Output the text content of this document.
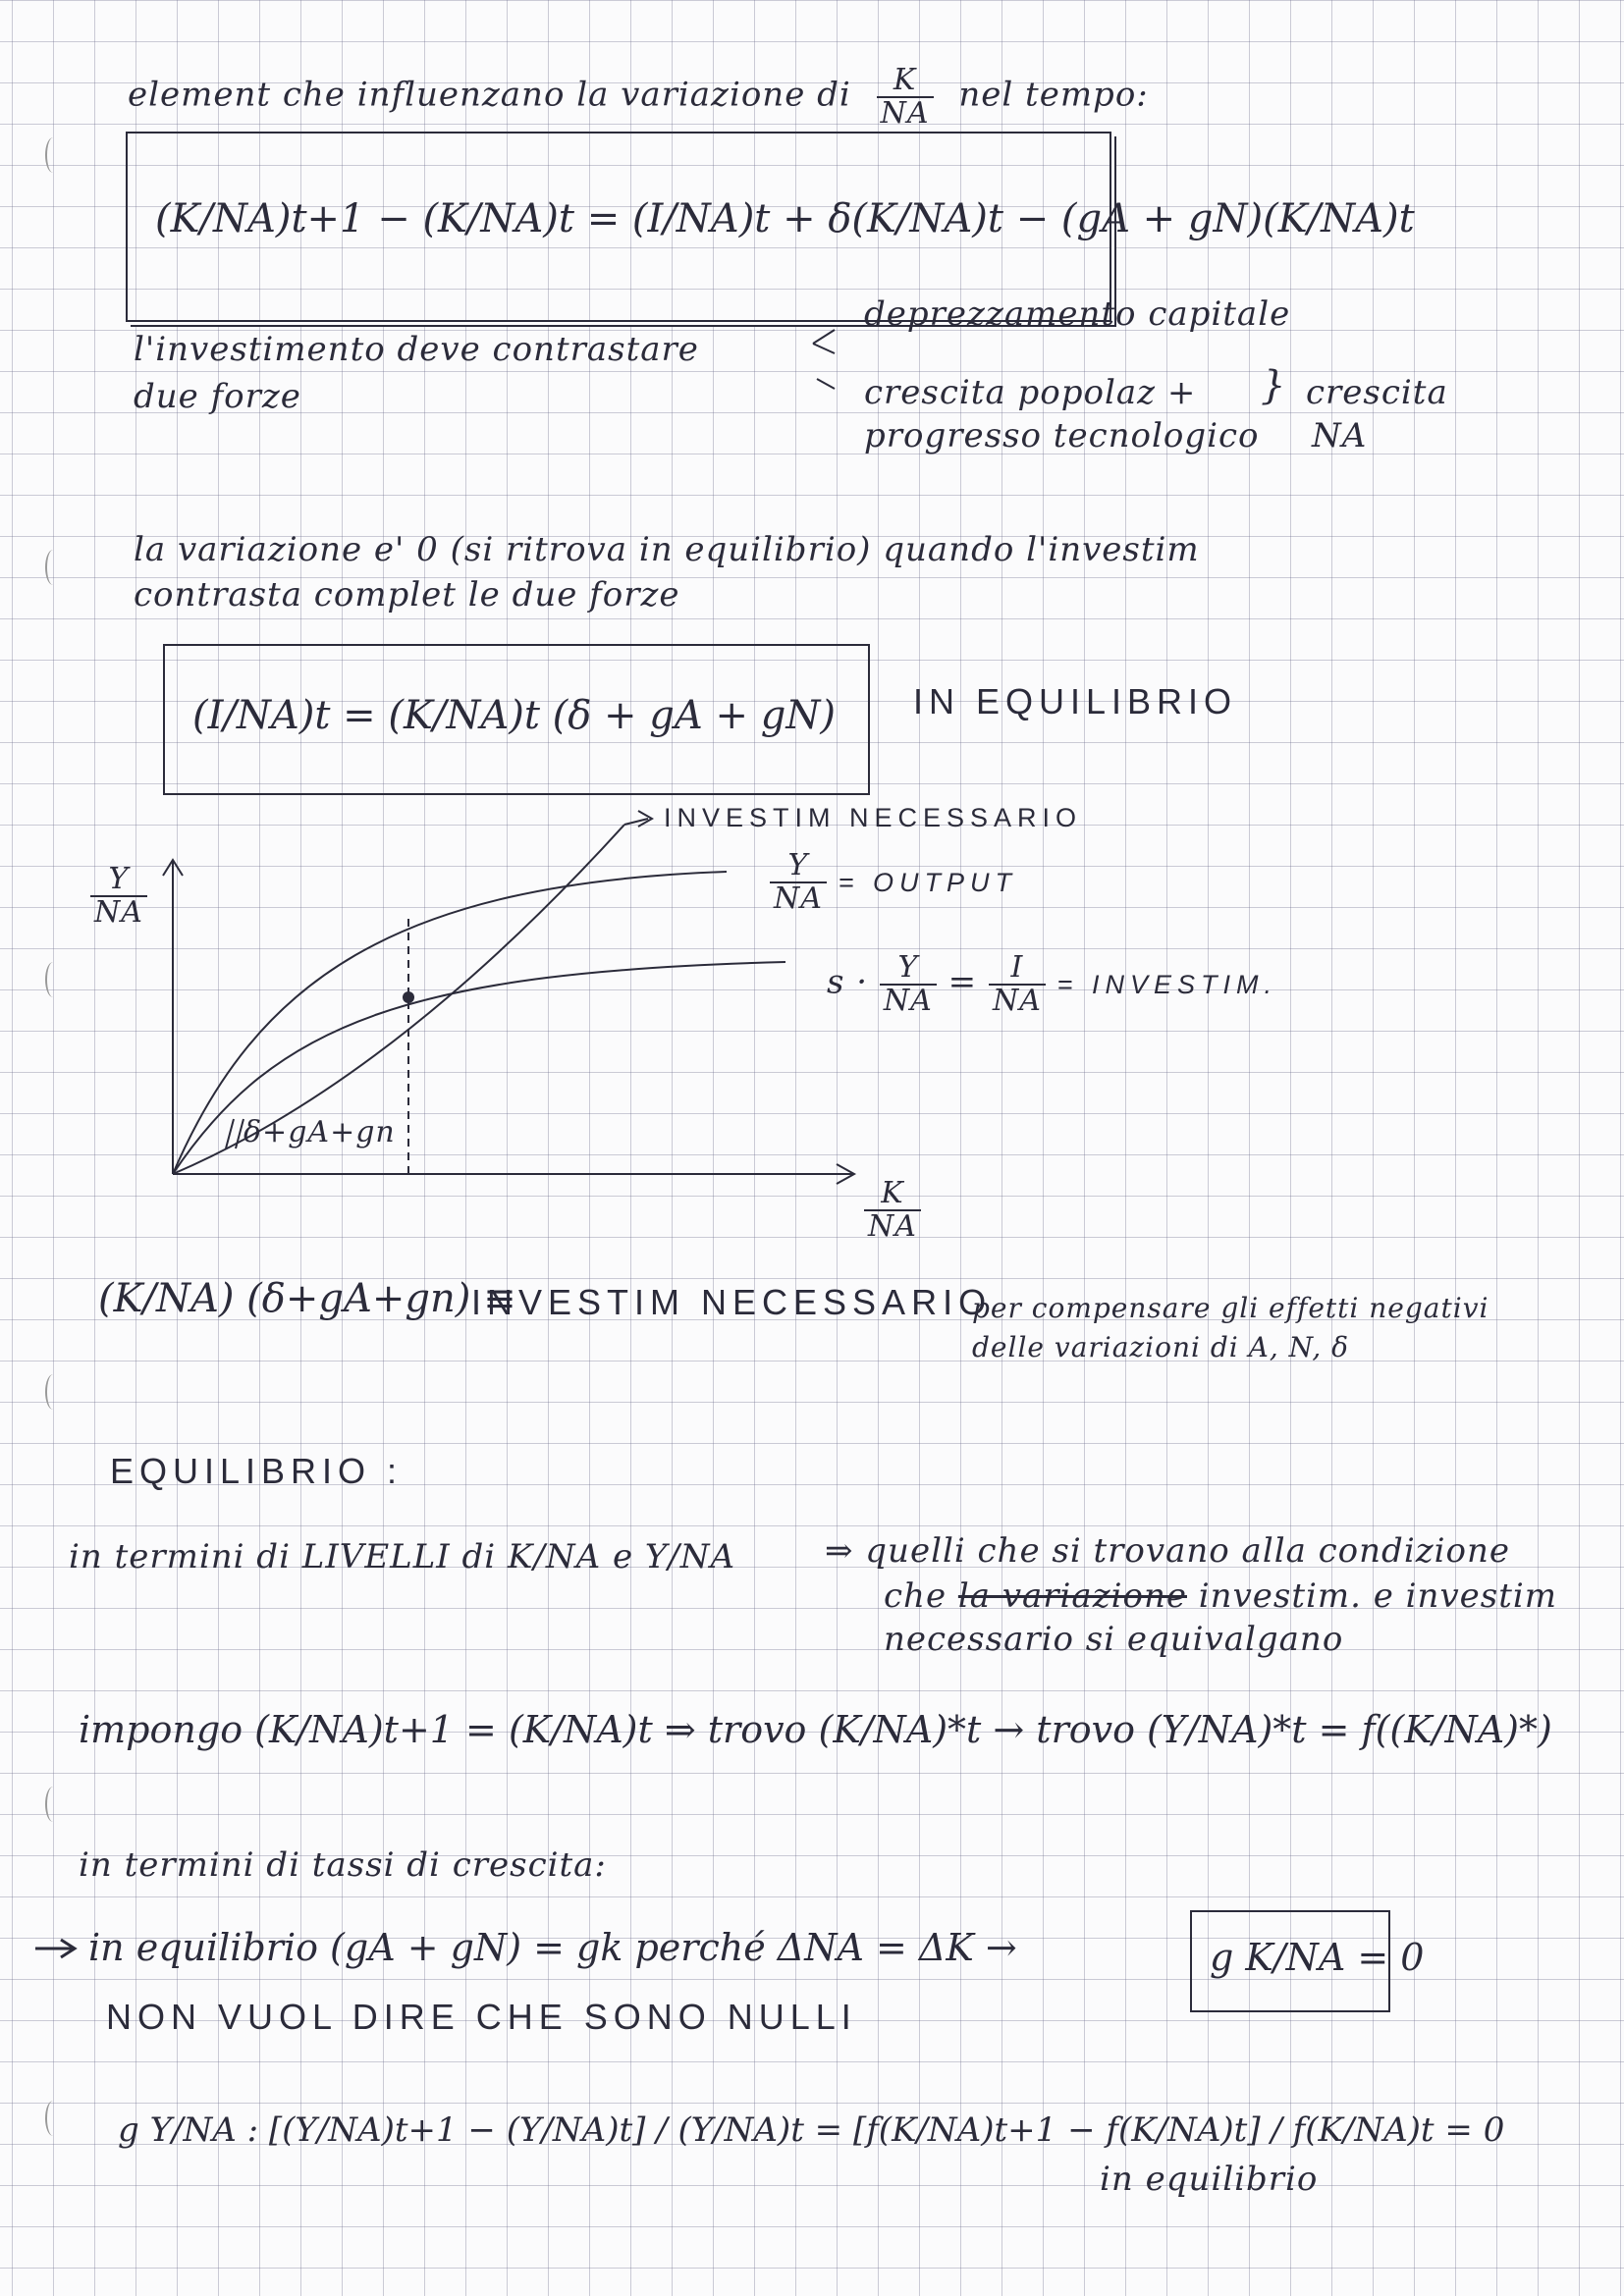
element che influenzano la variazione di $\frac{K}{NA}$ nel tempo:
(K/NA)t+1 − (K/NA)t = (I/NA)t + δ(K/NA)t − (gA + gN)(K/NA)t
l'investimento deve contrastare
due forze
deprezzamento capitale
crescita popolaz +
progresso tecnologico
} crescita
NA
la variazione e' 0 (si ritrova in equilibrio) quando l'investim
contrasta complet le due forze
(I/NA)t = (K/NA)t (δ + gA + gN) IN EQUILIBRIO
$\frac{Y}{NA}$
$\frac{K}{NA}$
INVESTIM NECESSARIO
$\frac{Y}{NA}$ = OUTPUT
$s \cdot \frac{Y}{NA} = \frac{I}{NA}$ = INVESTIM.
δ+gA+gn
(K/NA) (δ+gA+gn) ≡
INVESTIM NECESSARIO
per compensare gli effetti negativi
delle variazioni di A, N, δ
EQUILIBRIO :
in termini di LIVELLI di K/NA e Y/NA	⇒ quelli che si trovano alla condizione
che la variazione investim. e investim
necessario si equivalgano
impongo (K/NA)t+1 = (K/NA)t ⇒ trovo (K/NA)*t → trovo (Y/NA)*t = f((K/NA)*)
in termini di tassi di crescita:
in equilibrio (gA + gN) = gk perché ΔNA = ΔK →	g K/NA = 0
NON VUOL DIRE CHE SONO NULLI
g Y/NA : [(Y/NA)t+1 − (Y/NA)t] / (Y/NA)t = [f(K/NA)t+1 − f(K/NA)t] / f(K/NA)t = 0
in equilibrio
